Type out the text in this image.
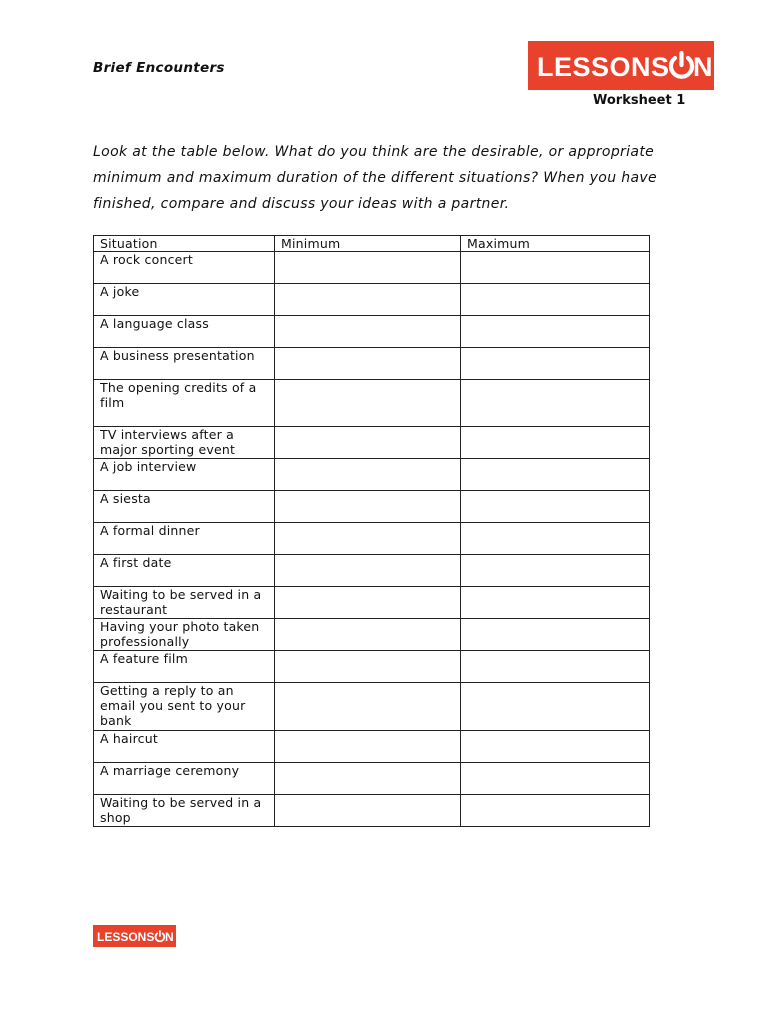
Brief Encounters	LESSONS N
Worksheet 1
Look at the table below. What do you think are the desirable, or appropriate minimum and maximum duration of the different situations? When you have finished, compare and discuss your ideas with a partner.
Situation	Minimum	Maximum
A rock concert		
A joke		
A language class		
A business presentation		
The opening credits of a film		
TV interviews after a major sporting event		
A job interview		
A siesta		
A formal dinner		
A first date		
Waiting to be served in a restaurant		
Having your photo taken professionally		
A feature film		
Getting a reply to an email you sent to your bank		
A haircut		
A marriage ceremony		
Waiting to be served in a shop		
LESSONS N
